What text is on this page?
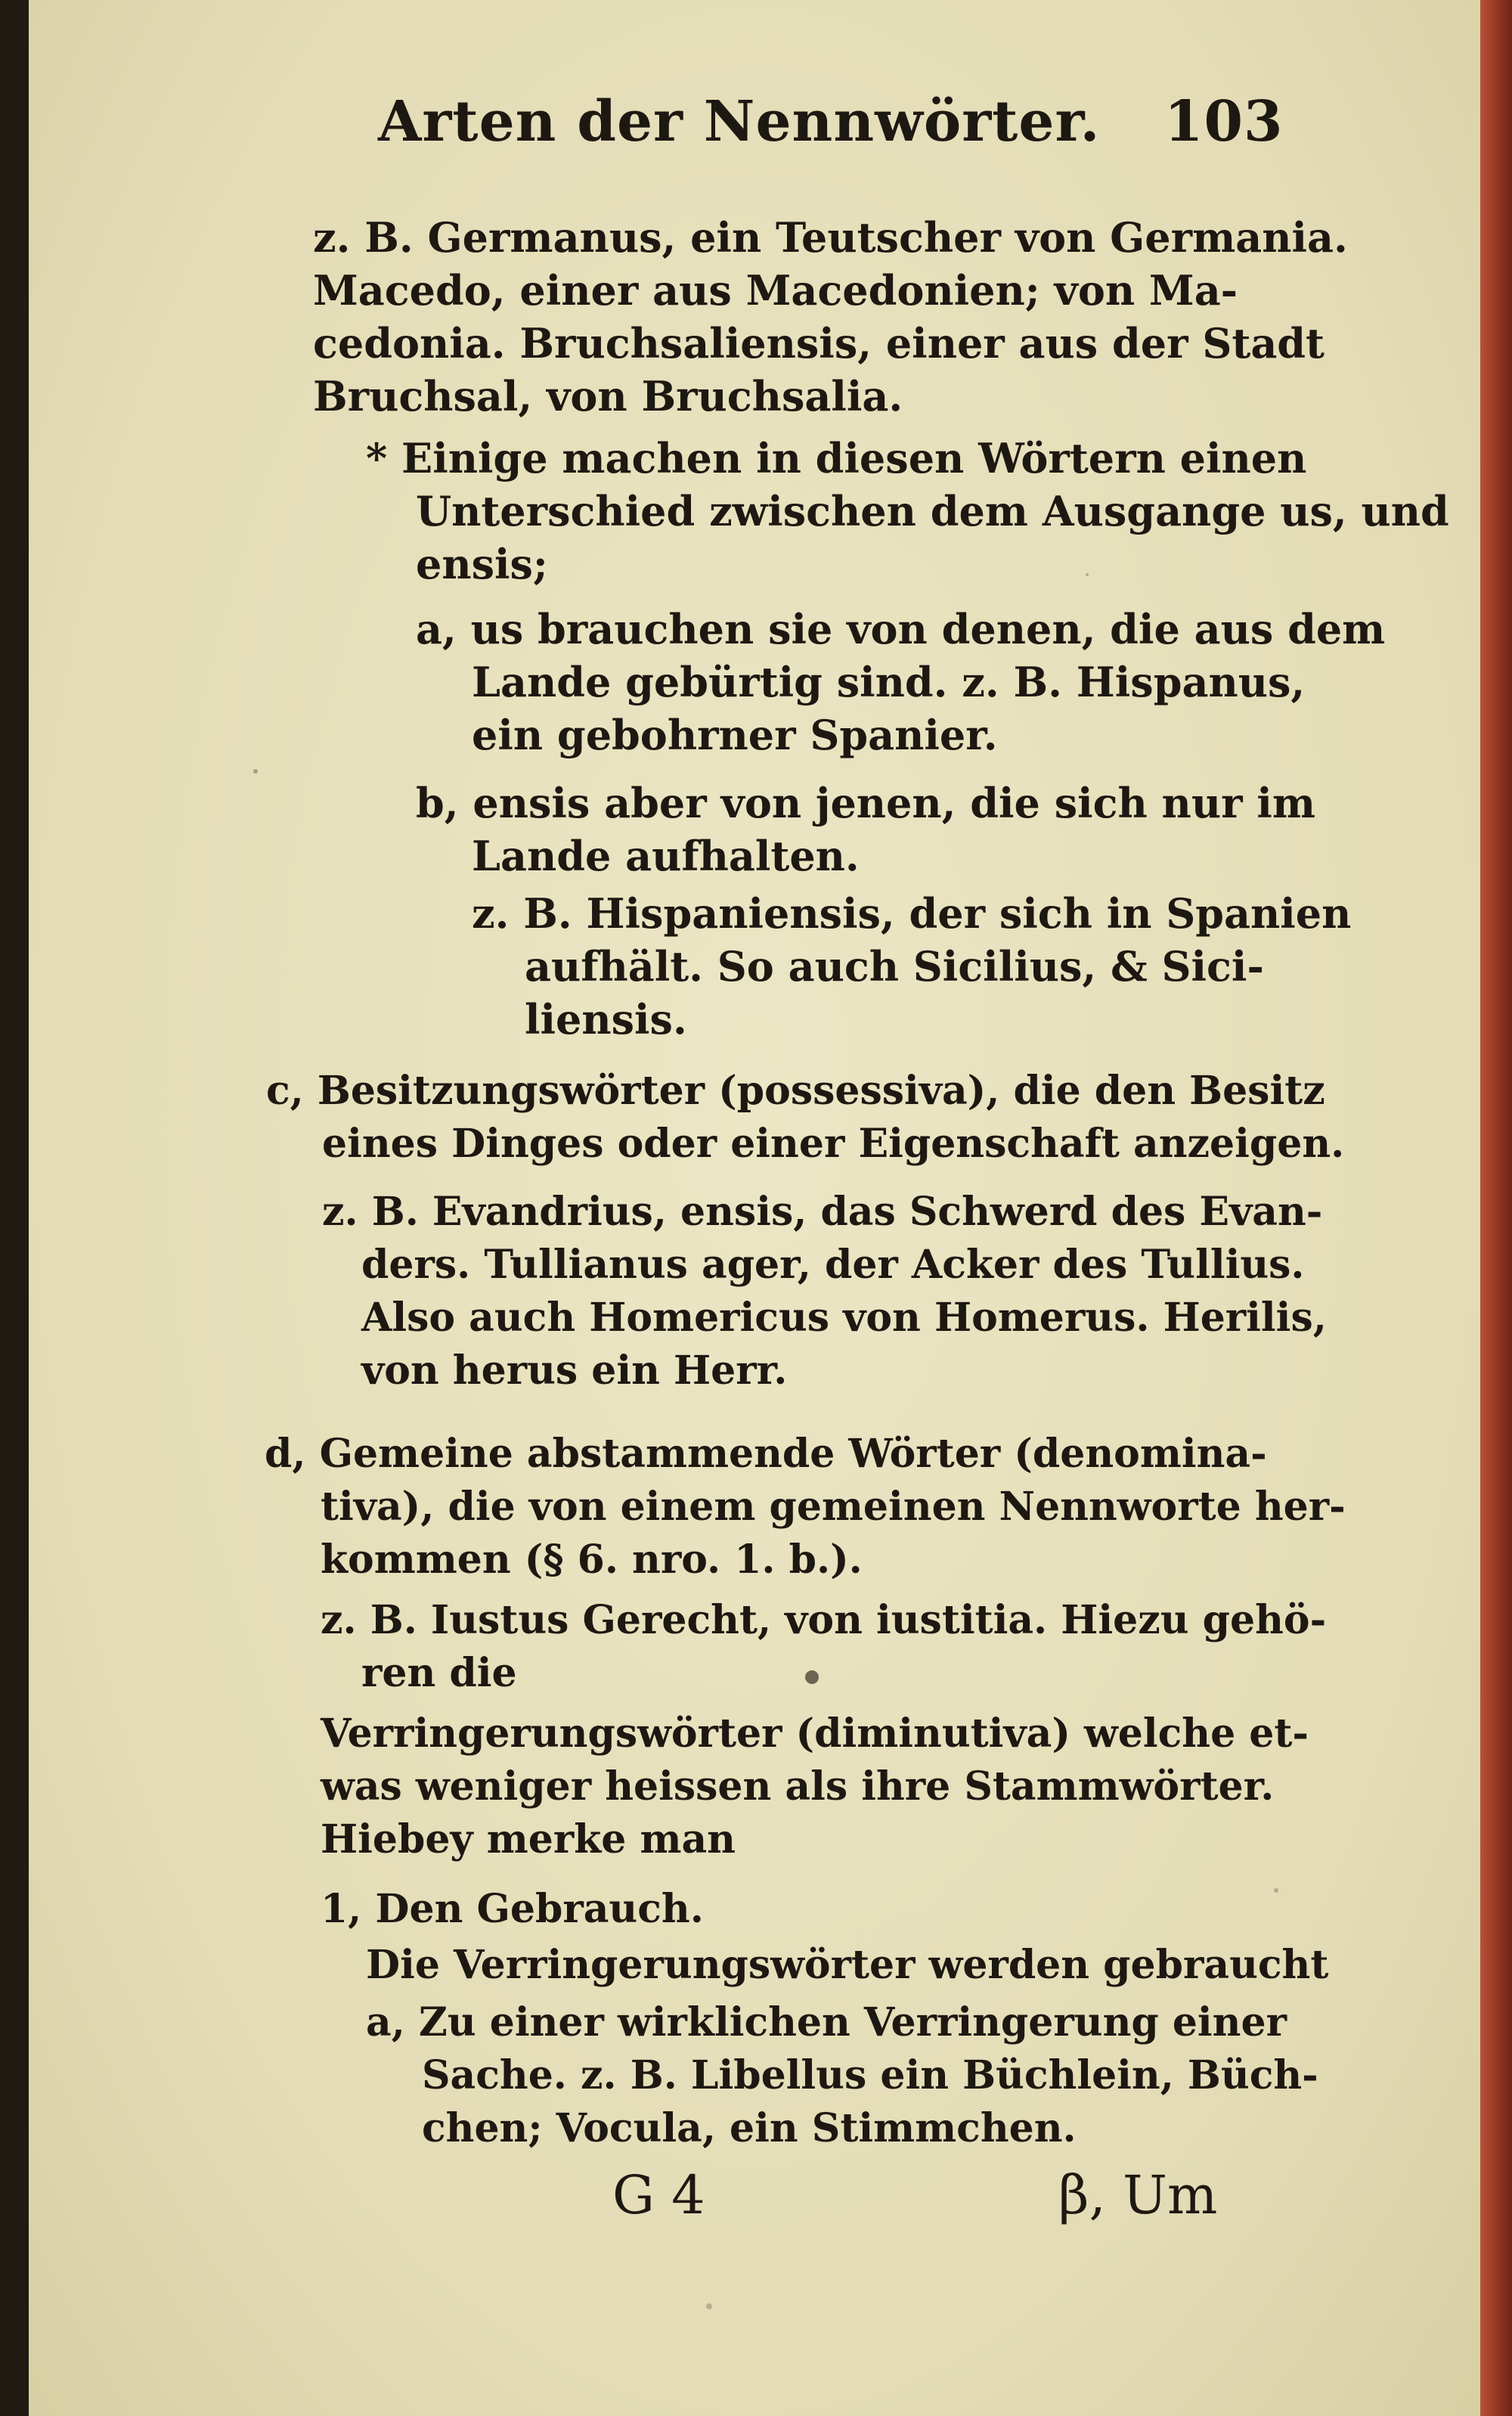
Arten der Nennwörter. 103
z. B. Germanus, ein Teutscher von Germania.
Macedo, einer aus Macedonien; von Ma-
cedonia. Bruchsaliensis, einer aus der Stadt
Bruchsal, von Bruchsalia.
* Einige machen in diesen Wörtern einen
Unterschied zwischen dem Ausgange us, und
ensis;
a, us brauchen sie von denen, die aus dem
Lande gebürtig sind. z. B. Hispanus,
ein gebohrner Spanier.
b, ensis aber von jenen, die sich nur im
Lande aufhalten.
z. B. Hispaniensis, der sich in Spanien
aufhält. So auch Sicilius, & Sici-
liensis.
c, Besitzungswörter (possessiva), die den Besitz
eines Dinges oder einer Eigenschaft anzeigen.
z. B. Evandrius, ensis, das Schwerd des Evan-
ders. Tullianus ager, der Acker des Tullius.
Also auch Homericus von Homerus. Herilis,
von herus ein Herr.
d, Gemeine abstammende Wörter (denomina-
tiva), die von einem gemeinen Nennworte her-
kommen (§ 6. nro. 1. b.).
z. B. Iustus Gerecht, von iustitia. Hiezu gehö-
ren die
Verringerungswörter (diminutiva) welche et-
was weniger heissen als ihre Stammwörter.
Hiebey merke man
1, Den Gebrauch.
Die Verringerungswörter werden gebraucht
a, Zu einer wirklichen Verringerung einer
Sache. z. B. Libellus ein Büchlein, Büch-
chen; Vocula, ein Stimmchen.
G 4	β, Um
